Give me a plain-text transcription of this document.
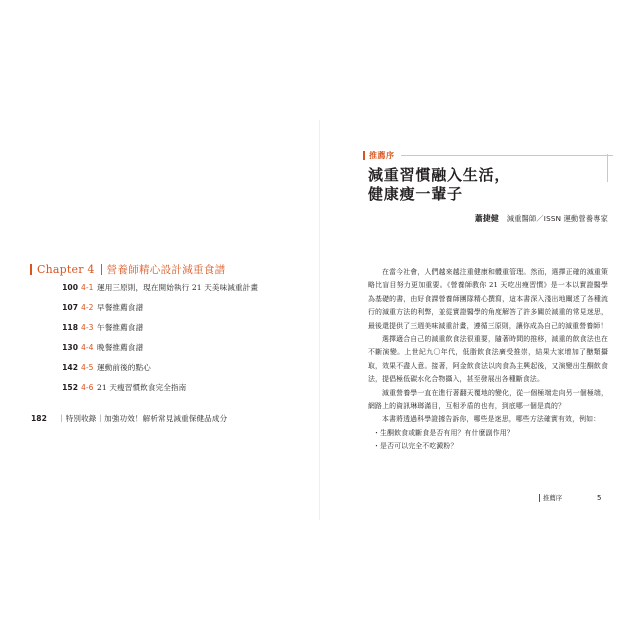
Chapter 4 營養師精心設計減重食譜
100 4-1 運用三原則，現在開始執行 21 天美味減重計畫
107 4-2 早餐推薦食譜
118 4-3 午餐推薦食譜
130 4-4 晚餐推薦食譜
142 4-5 運動前後的點心
152 4-6 21 天瘦習慣飲食完全指南
182 ｜特別收錄｜加強功效！解析常見減重保健品成分
推薦序
減重習慣融入生活，
健康瘦一輩子
蕭捷健 減重醫師／ISSN 運動營養專家

在當今社會，人們越來越注重健康和體重管理。然而，選擇正確的減重策略比盲目努力更加重要。《營養師教你 21 天吃出瘦習慣》是一本以實證醫學為基礎的書，由好食課營養師團隊精心撰寫，這本書深入淺出地闡述了各種流行的減重方法的利弊，並從實證醫學的角度解答了許多關於減重的常見迷思，最後還提供了三週美味減重計畫，遵循三原則，讓你成為自己的減重營養師！

選擇適合自己的減重飲食法很重要，隨著時間的推移，減重的飲食法也在不斷演變。上世紀九〇年代，低脂飲食法廣受推崇，結果大家增加了醣類攝取，效果不盡人意。接著，阿金飲食法以肉食為主興起後，又演變出生酮飲食法，提倡極低碳水化合物攝入，甚至發展出各種斷食法。

減重營養學一直在進行著翻天覆地的變化，從一個極端走向另一個極端，網路上的資訊琳瑯滿目，互相矛盾的也有，到底哪一個是真的？

本書將透過科學證據告訴你，哪些是迷思，哪些方法確實有效，例如：

・生酮飲食或斷食是否有用？有什麼副作用？

・是否可以完全不吃澱粉？

推薦序	5
